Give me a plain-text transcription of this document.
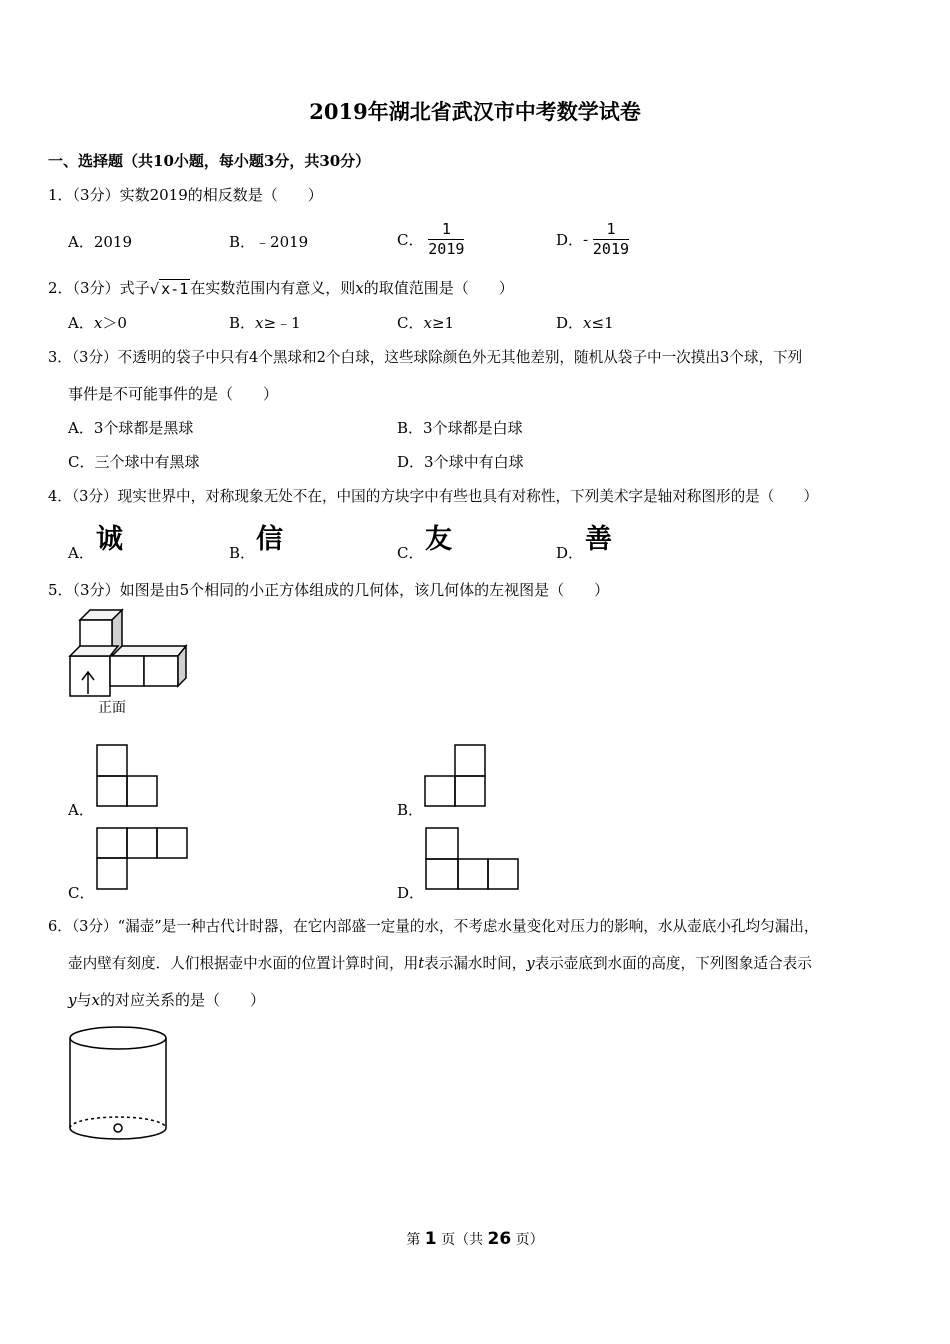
2019年湖北省武汉市中考数学试卷
一、选择题（共10小题，每小题3分，共30分）
1．（3分）实数2019的相反数是（　　）
A．2019	B．﹣2019	C． $\frac{1}{2019}$	D．- $\frac{1}{2019}$
2．（3分）式子√ x-1 在实数范围内有意义，则x的取值范围是（　　）
A．x＞0	B．x≥﹣1	C．x≥1	D．x≤1
3．（3分）不透明的袋子中只有4个黑球和2个白球，这些球除颜色外无其他差别，随机从袋子中一次摸出3个球，下列
事件是不可能事件的是（　　）
A．3个球都是黑球	B．3个球都是白球
C．三个球中有黑球	D．3个球中有白球
4．（3分）现实世界中，对称现象无处不在，中国的方块字中有些也具有对称性，下列美术字是轴对称图形的是（　　）
A． 诚	B． 信	C． 友	D． 善
5．（3分）如图是由5个相同的小正方体组成的几何体，该几何体的左视图是（　　）
正面
A．	B．
C．	D．
6．（3分）“漏壶”是一种古代计时器，在它内部盛一定量的水，不考虑水量变化对压力的影响，水从壶底小孔均匀漏出，
壶内壁有刻度．人们根据壶中水面的位置计算时间，用t表示漏水时间，y表示壶底到水面的高度，下列图象适合表示
y与x的对应关系的是（　　）
第 1 页（共 26 页）
